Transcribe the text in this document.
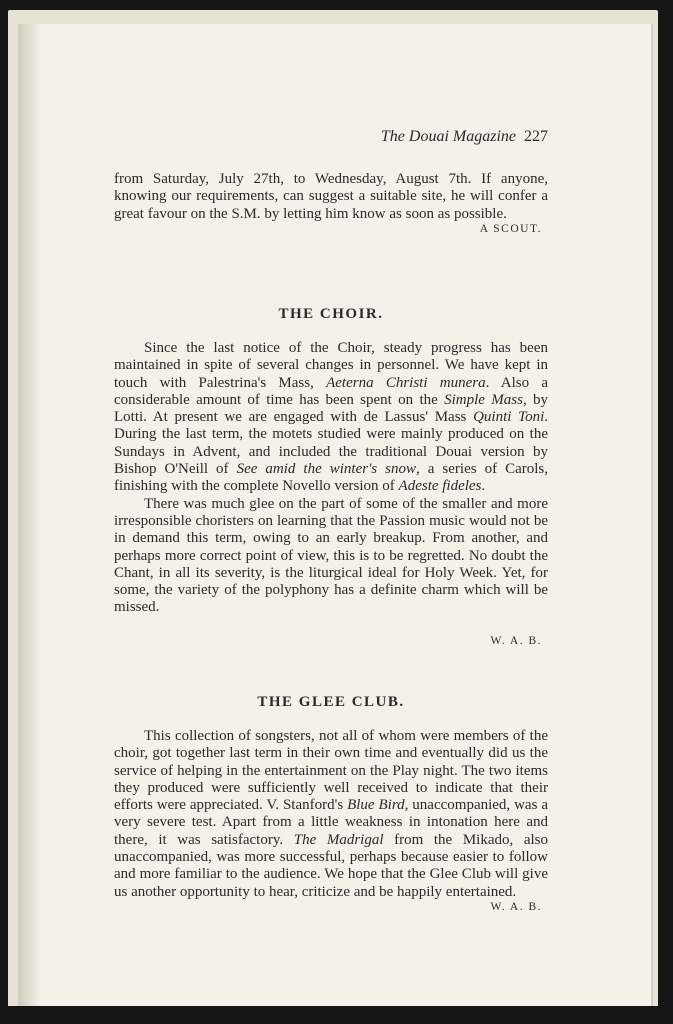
The Douai Magazine 227

from Saturday, July 27th, to Wednesday, August 7th. If anyone, knowing our requirements, can suggest a suitable site, he will confer a great favour on the S.M. by letting him know as soon as possible.

A SCOUT.
THE CHOIR.

Since the last notice of the Choir, steady progress has been maintained in spite of several changes in personnel. We have kept in touch with Palestrina's Mass, Aeterna Christi munera. Also a considerable amount of time has been spent on the Simple Mass, by Lotti. At present we are engaged with de Lassus' Mass Quinti Toni. During the last term, the motets studied were mainly produced on the Sundays in Advent, and included the traditional Douai version by Bishop O'Neill of See amid the winter's snow, a series of Carols, finishing with the complete Novello version of Adeste fideles.

There was much glee on the part of some of the smaller and more irresponsible choristers on learning that the Passion music would not be in demand this term, owing to an early breakup. From another, and perhaps more correct point of view, this is to be regretted. No doubt the Chant, in all its severity, is the liturgical ideal for Holy Week. Yet, for some, the variety of the polyphony has a definite charm which will be missed.

W. A. B.
THE GLEE CLUB.

This collection of songsters, not all of whom were members of the choir, got together last term in their own time and eventually did us the service of helping in the entertainment on the Play night. The two items they produced were sufficiently well received to indicate that their efforts were appreciated. V. Stanford's Blue Bird, unaccompanied, was a very severe test. Apart from a little weakness in intonation here and there, it was satisfactory. The Madrigal from the Mikado, also unaccompanied, was more successful, perhaps because easier to follow and more familiar to the audience. We hope that the Glee Club will give us another opportunity to hear, criticize and be happily entertained.

W. A. B.
